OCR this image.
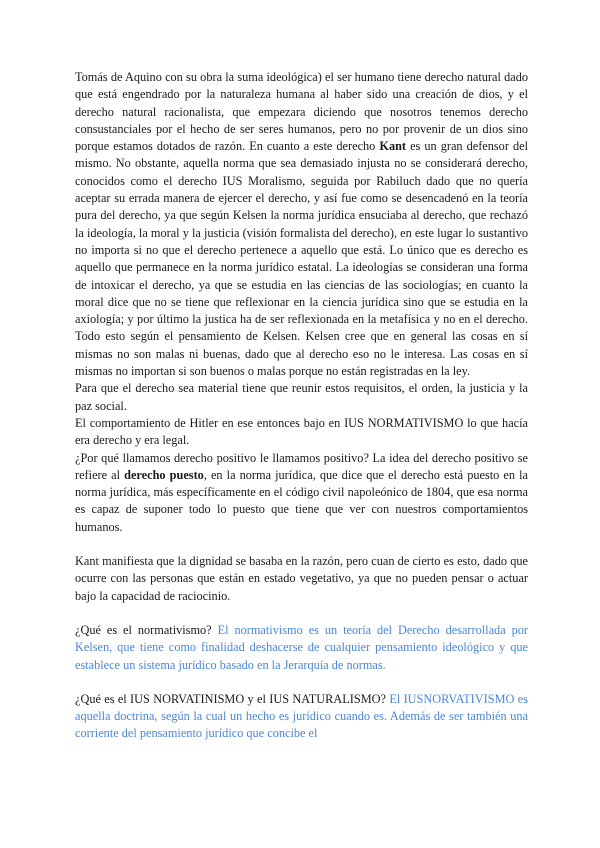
Tomás de Aquino con su obra la suma ideológica) el ser humano tiene derecho natural dado que está engendrado por la naturaleza humana al haber sido una creación de dios, y el derecho natural racionalista, que empezara diciendo que nosotros tenemos derecho consustanciales por el hecho de ser seres humanos, pero no por provenir de un dios sino porque estamos dotados de razón. En cuanto a este derecho Kant es un gran defensor del mismo. No obstante, aquella norma que sea demasiado injusta no se considerará derecho, conocidos como el derecho IUS Moralismo, seguida por Rabiluch dado que no quería aceptar su errada manera de ejercer el derecho, y así fue como se desencadenó en la teoría pura del derecho, ya que según Kelsen la norma jurídica ensuciaba al derecho, que rechazó la ideología, la moral y la justicia (visión formalista del derecho), en este lugar lo sustantivo no importa si no que el derecho pertenece a aquello que está. Lo único que es derecho es aquello que permanece en la norma jurídico estatal. La ideologías se consideran una forma de intoxicar el derecho, ya que se estudia en las ciencias de las sociologías; en cuanto la moral dice que no se tiene que reflexionar en la ciencia jurídica sino que se estudia en la axiología; y por último la justica ha de ser reflexionada en la metafísica y no en el derecho. Todo esto según el pensamiento de Kelsen. Kelsen cree que en general las cosas en sí mismas no son malas ni buenas, dado que al derecho eso no le interesa. Las cosas en sí mismas no importan si son buenos o malas porque no están registradas en la ley.

Para que el derecho sea material tiene que reunir estos requisitos, el orden, la justicia y la paz social.

El comportamiento de Hitler en ese entonces bajo en IUS NORMATIVISMO lo que hacía era derecho y era legal.

¿Por qué llamamos derecho positivo le llamamos positivo? La idea del derecho positivo se refiere al derecho puesto, en la norma jurídica, que dice que el derecho está puesto en la norma jurídica, más específicamente en el código civil napoleónico de 1804, que esa norma es capaz de suponer todo lo puesto que tiene que ver con nuestros comportamientos humanos.

Kant manifiesta que la dignidad se basaba en la razón, pero cuan de cierto es esto, dado que ocurre con las personas que están en estado vegetativo, ya que no pueden pensar o actuar bajo la capacidad de raciocinio.

¿Qué es el normativismo? El normativismo es un teoría del Derecho desarrollada por Kelsen, que tiene como finalidad deshacerse de cualquier pensamiento ideológico y que establece un sistema jurídico basado en la Jerarquía de normas.

¿Qué es el IUS NORVATINISMO y el IUS NATURALISMO? El IUSNORVATIVISMO es aquella doctrina, según la cual un hecho es jurídico cuando es. Además de ser también una corriente del pensamiento jurídico que concibe el
